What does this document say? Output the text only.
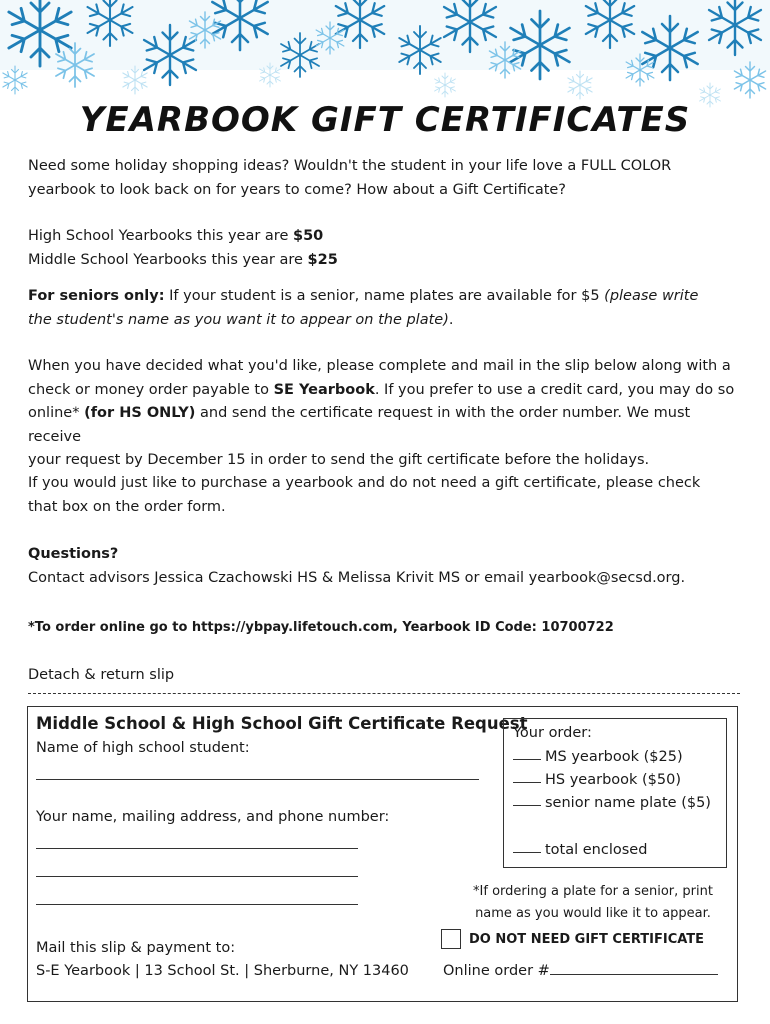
YEARBOOK GIFT CERTIFICATES

Need some holiday shopping ideas? Wouldn't the student in your life love a FULL COLOR

yearbook to look back on for years to come? How about a Gift Certificate?

High School Yearbooks this year are $50

Middle School Yearbooks this year are $25

For seniors only: If your student is a senior, name plates are available for $5 (please write

the student's name as you want it to appear on the plate).

When you have decided what you'd like, please complete and mail in the slip below along with a

check or money order payable to SE Yearbook. If you prefer to use a credit card, you may do so

online* (for HS ONLY) and send the certificate request in with the order number. We must receive

your request by December 15 in order to send the gift certificate before the holidays.

If you would just like to purchase a yearbook and do not need a gift certificate, please check

that box on the order form.

Questions?

Contact advisors Jessica Czachowski HS & Melissa Krivit MS or email yearbook@secsd.org.

*To order online go to https://ybpay.lifetouch.com, Yearbook ID Code: 10700722

Detach & return slip

Middle School & High School Gift Certificate Request
Name of high school student:
Your name, mailing address, and phone number:
Mail this slip & payment to:
S-E Yearbook | 13 School St. | Sherburne, NY 13460
Your order:
MS yearbook ($25)
HS yearbook ($50)
senior name plate ($5)
total enclosed
*If ordering a plate for a senior, print
name as you would like it to appear.
DO NOT NEED GIFT CERTIFICATE
Online order #
